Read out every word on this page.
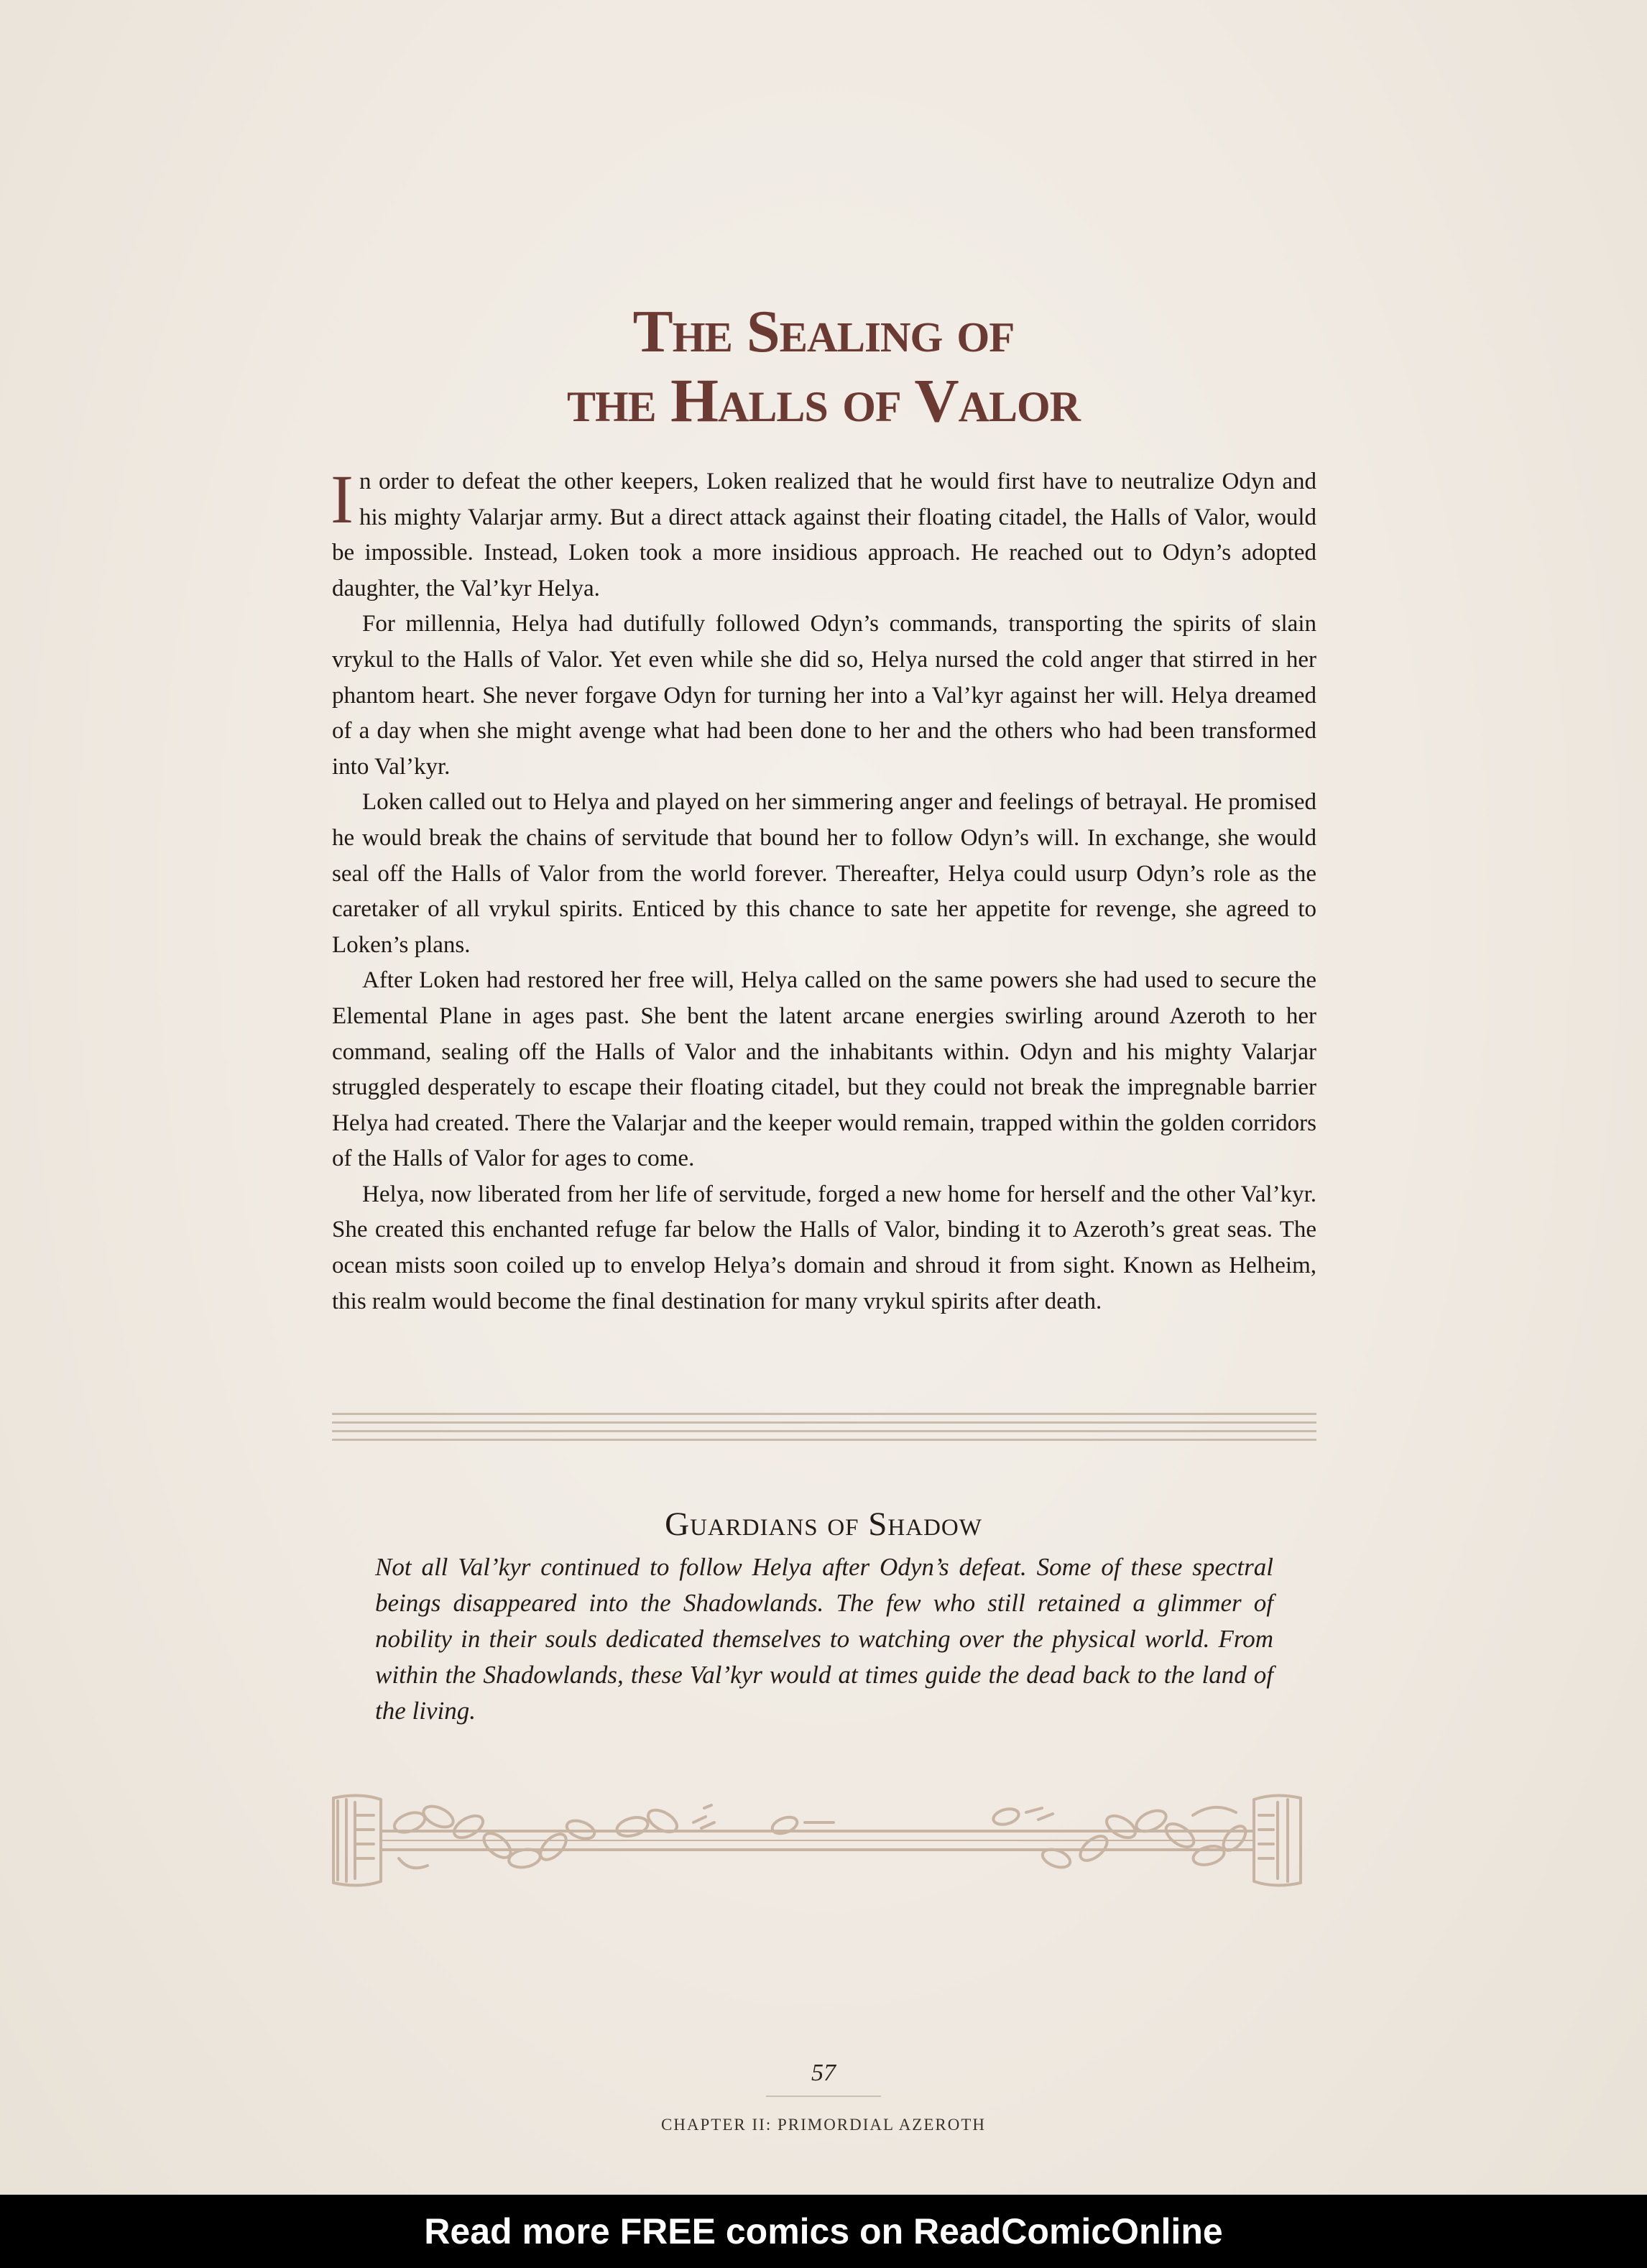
The Sealing of
the Halls of Valor

In order to defeat the other keepers, Loken realized that he would first have to neutralize Odyn and his mighty Valarjar army. But a direct attack against their floating citadel, the Halls of Valor, would be impossible. Instead, Loken took a more insidious approach. He reached out to Odyn’s adopted daughter, the Val’kyr Helya.

For millennia, Helya had dutifully followed Odyn’s commands, transporting the spirits of slain vrykul to the Halls of Valor. Yet even while she did so, Helya nursed the cold anger that stirred in her phantom heart. She never forgave Odyn for turning her into a Val’kyr against her will. Helya dreamed of a day when she might avenge what had been done to her and the others who had been transformed into Val’kyr.

Loken called out to Helya and played on her simmering anger and feelings of betrayal. He promised he would break the chains of servitude that bound her to follow Odyn’s will. In exchange, she would seal off the Halls of Valor from the world forever. Thereafter, Helya could usurp Odyn’s role as the caretaker of all vrykul spirits. Enticed by this chance to sate her appetite for revenge, she agreed to Loken’s plans.

After Loken had restored her free will, Helya called on the same powers she had used to secure the Elemental Plane in ages past. She bent the latent arcane energies swirling around Azeroth to her command, sealing off the Halls of Valor and the inhabitants within. Odyn and his mighty Valarjar struggled desperately to escape their floating citadel, but they could not break the impregnable barrier Helya had created. There the Valarjar and the keeper would remain, trapped within the golden corridors of the Halls of Valor for ages to come.

Helya, now liberated from her life of servitude, forged a new home for herself and the other Val’kyr. She created this enchanted refuge far below the Halls of Valor, binding it to Azeroth’s great seas. The ocean mists soon coiled up to envelop Helya’s domain and shroud it from sight. Known as Helheim, this realm would become the final destination for many vrykul spirits after death.

Guardians of Shadow
Not all Val’kyr continued to follow Helya after Odyn’s defeat. Some of these spectral beings disappeared into the Shadowlands. The few who still retained a glimmer of nobility in their souls dedicated themselves to watching over the physical world. From within the Shadowlands, these Val’kyr would at times guide the dead back to the land of the living.
57
CHAPTER II: PRIMORDIAL AZEROTH
Read more FREE comics on ReadComicOnline
